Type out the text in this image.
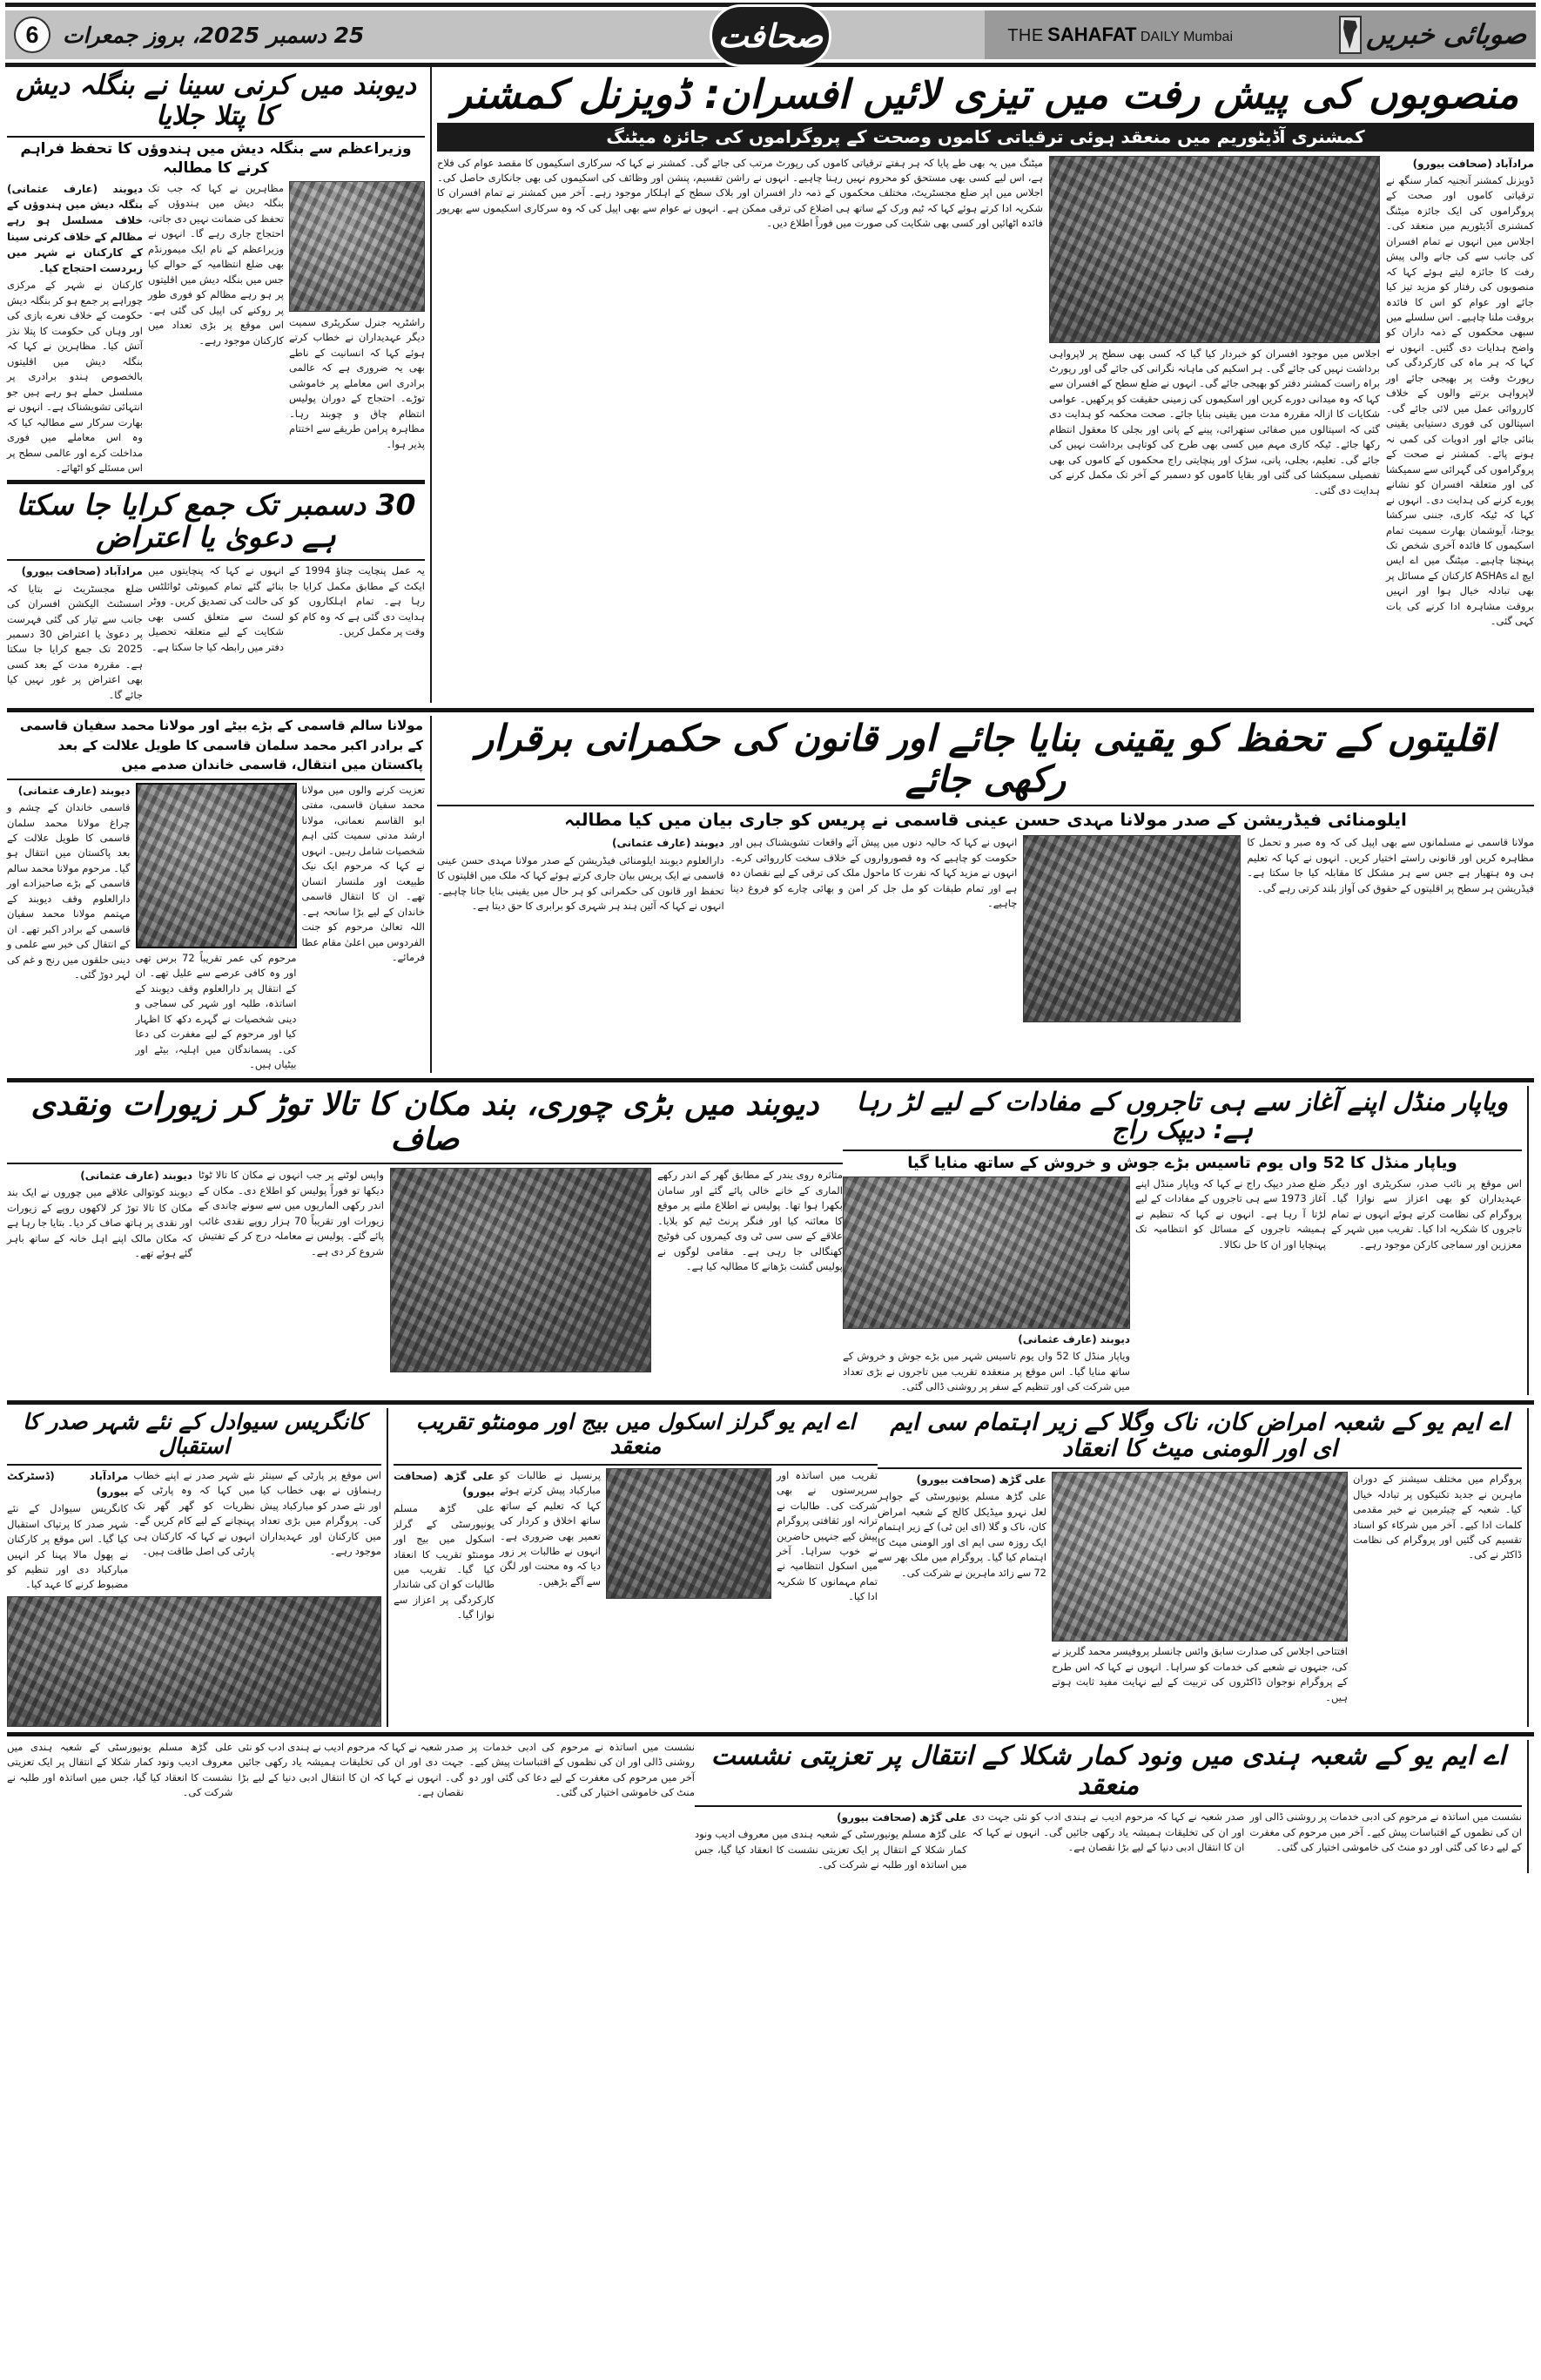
صوبائی خبریں
THE SAHAFAT DAILY Mumbai
صحافت
25 دسمبر 2025، بروز جمعرات
6
منصوبوں کی پیش رفت میں تیزی لائیں افسران: ڈویزنل کمشنر
کمشنری آڈیٹوریم میں منعقد ہوئی ترقیاتی کاموں وصحت کے پروگراموں کی جائزہ میٹنگ
مرادآباد (صحافت بیورو)
ڈویزنل کمشنر آنجنیہ کمار سنگھ نے ترقیاتی کاموں اور صحت کے پروگراموں کی ایک جائزہ میٹنگ کمشنری آڈیٹوریم میں منعقد کی۔ اجلاس میں انہوں نے تمام افسران کی جانب سے کی جانے والی پیش رفت کا جائزہ لیتے ہوئے کہا کہ منصوبوں کی رفتار کو مزید تیز کیا جائے اور عوام کو اس کا فائدہ بروقت ملنا چاہیے۔ اس سلسلے میں سبھی محکموں کے ذمہ داران کو واضح ہدایات دی گئیں۔ انہوں نے کہا کہ ہر ماہ کی کارکردگی کی رپورٹ وقت پر بھیجی جائے اور لاپرواہی برتنے والوں کے خلاف کارروائی عمل میں لائی جائے گی۔ اسپتالوں کی فوری دستیابی یقینی بنائی جائے اور ادویات کی کمی نہ ہونے پائے۔ کمشنر نے صحت کے پروگراموں کی گہرائی سے سمیکشا کی اور متعلقہ افسران کو نشانے پورے کرنے کی ہدایت دی۔ انہوں نے کہا کہ ٹیکہ کاری، جننی سرکشا یوجنا، آیوشمان بھارت سمیت تمام اسکیموں کا فائدہ آخری شخص تک پہنچنا چاہیے۔ میٹنگ میں اے ایس ایچ اے ASHAs کارکنان کے مسائل پر بھی تبادلہ خیال ہوا اور انہیں بروقت مشاہرہ ادا کرنے کی بات کہی گئی۔
اجلاس میں موجود افسران کو خبردار کیا گیا کہ کسی بھی سطح پر لاپرواہی برداشت نہیں کی جائے گی۔ ہر اسکیم کی ماہانہ نگرانی کی جائے گی اور رپورٹ براہ راست کمشنر دفتر کو بھیجی جائے گی۔ انہوں نے ضلع سطح کے افسران سے کہا کہ وہ میدانی دورے کریں اور اسکیموں کی زمینی حقیقت کو پرکھیں۔ عوامی شکایات کا ازالہ مقررہ مدت میں یقینی بنایا جائے۔ صحت محکمہ کو ہدایت دی گئی کہ اسپتالوں میں صفائی ستھرائی، پینے کے پانی اور بجلی کا معقول انتظام رکھا جائے۔ ٹیکہ کاری مہم میں کسی بھی طرح کی کوتاہی برداشت نہیں کی جائے گی۔ تعلیم، بجلی، پانی، سڑک اور پنچایتی راج محکموں کے کاموں کی بھی تفصیلی سمیکشا کی گئی اور بقایا کاموں کو دسمبر کے آخر تک مکمل کرنے کی ہدایت دی گئی۔
میٹنگ میں یہ بھی طے پایا کہ ہر ہفتے ترقیاتی کاموں کی رپورٹ مرتب کی جائے گی۔ کمشنر نے کہا کہ سرکاری اسکیموں کا مقصد عوام کی فلاح ہے، اس لیے کسی بھی مستحق کو محروم نہیں رہنا چاہیے۔ انہوں نے راشن تقسیم، پنشن اور وظائف کی اسکیموں کی بھی جانکاری حاصل کی۔ اجلاس میں اپر ضلع مجسٹریٹ، مختلف محکموں کے ذمہ دار افسران اور بلاک سطح کے اہلکار موجود رہے۔ آخر میں کمشنر نے تمام افسران کا شکریہ ادا کرتے ہوئے کہا کہ ٹیم ورک کے ساتھ ہی اضلاع کی ترقی ممکن ہے۔ انہوں نے عوام سے بھی اپیل کی کہ وہ سرکاری اسکیموں سے بھرپور فائدہ اٹھائیں اور کسی بھی شکایت کی صورت میں فوراً اطلاع دیں۔
دیوبند میں کرنی سینا نے بنگلہ دیش کا پتلا جلایا
وزیراعظم سے بنگلہ دیش میں ہندوؤں کا تحفظ فراہم کرنے کا مطالبہ
راشٹریہ جنرل سکریٹری سمیت دیگر عہدیداران نے خطاب کرتے ہوئے کہا کہ انسانیت کے ناطے بھی یہ ضروری ہے کہ عالمی برادری اس معاملے پر خاموشی توڑے۔ احتجاج کے دوران پولیس انتظام چاق و چوبند رہا۔ مظاہرہ پرامن طریقے سے اختتام پذیر ہوا۔
مظاہرین نے کہا کہ جب تک بنگلہ دیش میں ہندوؤں کے تحفظ کی ضمانت نہیں دی جاتی، احتجاج جاری رہے گا۔ انہوں نے وزیراعظم کے نام ایک میمورنڈم بھی ضلع انتظامیہ کے حوالے کیا جس میں بنگلہ دیش میں اقلیتوں پر ہو رہے مظالم کو فوری طور پر روکنے کی اپیل کی گئی ہے۔ اس موقع پر بڑی تعداد میں کارکنان موجود رہے۔
دیوبند (عارف عثمانی) بنگلہ دیش میں ہندوؤں کے خلاف مسلسل ہو رہے مظالم کے خلاف کرنی سینا کے کارکنان نے شہر میں زبردست احتجاج کیا۔
کارکنان نے شہر کے مرکزی چوراہے پر جمع ہو کر بنگلہ دیش حکومت کے خلاف نعرے بازی کی اور وہاں کی حکومت کا پتلا نذر آتش کیا۔ مظاہرین نے کہا کہ بنگلہ دیش میں اقلیتوں بالخصوص ہندو برادری پر مسلسل حملے ہو رہے ہیں جو انتہائی تشویشناک ہے۔ انہوں نے بھارت سرکار سے مطالبہ کیا کہ وہ اس معاملے میں فوری مداخلت کرے اور عالمی سطح پر اس مسئلے کو اٹھائے۔
30 دسمبر تک جمع کرایا جا سکتا ہے دعویٰ یا اعتراض
یہ عمل پنچایت چناؤ 1994 کے ایکٹ کے مطابق مکمل کرایا جا رہا ہے۔ تمام اہلکاروں کو ہدایت دی گئی ہے کہ وہ کام کو وقت پر مکمل کریں۔
انہوں نے کہا کہ پنچایتوں میں بنائے گئے تمام کمیونٹی ٹوائلٹس کی حالت کی تصدیق کریں۔ ووٹر لسٹ سے متعلق کسی بھی شکایت کے لیے متعلقہ تحصیل دفتر میں رابطہ کیا جا سکتا ہے۔
مرادآباد (صحافت بیورو)
ضلع مجسٹریٹ نے بتایا کہ اسسٹنٹ الیکشن افسران کی جانب سے تیار کی گئی فہرست پر دعویٰ یا اعتراض 30 دسمبر 2025 تک جمع کرایا جا سکتا ہے۔ مقررہ مدت کے بعد کسی بھی اعتراض پر غور نہیں کیا جائے گا۔
مولانا سالم قاسمی کے بڑے بیٹے اور مولانا محمد سفیان قاسمی کے برادر اکبر محمد سلمان قاسمی کا طویل علالت کے بعد پاکستان میں انتقال، قاسمی خاندان صدمے میں
تعزیت کرنے والوں میں مولانا محمد سفیان قاسمی، مفتی ابو القاسم نعمانی، مولانا ارشد مدنی سمیت کئی اہم شخصیات شامل رہیں۔ انہوں نے کہا کہ مرحوم ایک نیک طبیعت اور ملنسار انسان تھے۔ ان کا انتقال قاسمی خاندان کے لیے بڑا سانحہ ہے۔ اللہ تعالیٰ مرحوم کو جنت الفردوس میں اعلیٰ مقام عطا فرمائے۔
مرحوم کی عمر تقریباً 72 برس تھی اور وہ کافی عرصے سے علیل تھے۔ ان کے انتقال پر دارالعلوم وقف دیوبند کے اساتذہ، طلبہ اور شہر کی سماجی و دینی شخصیات نے گہرے دکھ کا اظہار کیا اور مرحوم کے لیے مغفرت کی دعا کی۔ پسماندگان میں اہلیہ، بیٹے اور بیٹیاں ہیں۔
دیوبند (عارف عثمانی)
قاسمی خاندان کے چشم و چراغ مولانا محمد سلمان قاسمی کا طویل علالت کے بعد پاکستان میں انتقال ہو گیا۔ مرحوم مولانا محمد سالم قاسمی کے بڑے صاحبزادے اور دارالعلوم وقف دیوبند کے مہتمم مولانا محمد سفیان قاسمی کے برادر اکبر تھے۔ ان کے انتقال کی خبر سے علمی و دینی حلقوں میں رنج و غم کی لہر دوڑ گئی۔
اقلیتوں کے تحفظ کو یقینی بنایا جائے اور قانون کی حکمرانی برقرار رکھی جائے
ایلومنائی فیڈریشن کے صدر مولانا مہدی حسن عینی قاسمی نے پریس کو جاری بیان میں کیا مطالبہ
مولانا قاسمی نے مسلمانوں سے بھی اپیل کی کہ وہ صبر و تحمل کا مظاہرہ کریں اور قانونی راستے اختیار کریں۔ انہوں نے کہا کہ تعلیم ہی وہ ہتھیار ہے جس سے ہر مشکل کا مقابلہ کیا جا سکتا ہے۔ فیڈریشن ہر سطح پر اقلیتوں کے حقوق کی آواز بلند کرتی رہے گی۔
انہوں نے کہا کہ حالیہ دنوں میں پیش آئے واقعات تشویشناک ہیں اور حکومت کو چاہیے کہ وہ قصورواروں کے خلاف سخت کارروائی کرے۔ انہوں نے مزید کہا کہ نفرت کا ماحول ملک کی ترقی کے لیے نقصان دہ ہے اور تمام طبقات کو مل جل کر امن و بھائی چارے کو فروغ دینا چاہیے۔
دیوبند (عارف عثمانی)
دارالعلوم دیوبند ایلومنائی فیڈریشن کے صدر مولانا مہدی حسن عینی قاسمی نے ایک پریس بیان جاری کرتے ہوئے کہا کہ ملک میں اقلیتوں کا تحفظ اور قانون کی حکمرانی کو ہر حال میں یقینی بنایا جانا چاہیے۔ انہوں نے کہا کہ آئین ہند ہر شہری کو برابری کا حق دیتا ہے۔
دیوبند میں بڑی چوری، بند مکان کا تالا توڑ کر زیورات ونقدی صاف
متاثرہ روی یندر کے مطابق گھر کے اندر رکھے الماری کے خانے خالی پائے گئے اور سامان بکھرا ہوا تھا۔ پولیس نے اطلاع ملنے پر موقع کا معائنہ کیا اور فنگر پرنٹ ٹیم کو بلایا۔ علاقے کے سی سی ٹی وی کیمروں کی فوٹیج کھنگالی جا رہی ہے۔ مقامی لوگوں نے پولیس گشت بڑھانے کا مطالبہ کیا ہے۔
واپس لوٹنے پر جب انہوں نے مکان کا تالا ٹوٹا دیکھا تو فوراً پولیس کو اطلاع دی۔ مکان کے اندر رکھی الماریوں میں سے سونے چاندی کے زیورات اور تقریباً 70 ہزار روپے نقدی غائب پائے گئے۔ پولیس نے معاملہ درج کر کے تفتیش شروع کر دی ہے۔
دیوبند (عارف عثمانی)
دیوبند کوتوالی علاقے میں چوروں نے ایک بند مکان کا تالا توڑ کر لاکھوں روپے کے زیورات اور نقدی پر ہاتھ صاف کر دیا۔ بتایا جا رہا ہے کہ مکان مالک اپنے اہل خانہ کے ساتھ باہر گئے ہوئے تھے۔
ویاپار منڈل اپنے آغاز سے ہی تاجروں کے مفادات کے لیے لڑ رہا ہے: دیپک راج
ویاپار منڈل کا 52 واں یوم تاسیس بڑے جوش و خروش کے ساتھ منایا گیا
اس موقع پر نائب صدر، سکریٹری اور دیگر عہدیداران کو بھی اعزاز سے نوازا گیا۔ پروگرام کی نظامت کرتے ہوئے انہوں نے تمام تاجروں کا شکریہ ادا کیا۔ تقریب میں شہر کے معززین اور سماجی کارکن موجود رہے۔
ضلع صدر دیپک راج نے کہا کہ ویاپار منڈل اپنے آغاز 1973 سے ہی تاجروں کے مفادات کے لیے لڑتا آ رہا ہے۔ انہوں نے کہا کہ تنظیم نے ہمیشہ تاجروں کے مسائل کو انتظامیہ تک پہنچایا اور ان کا حل نکالا۔
دیوبند (عارف عثمانی)
ویاپار منڈل کا 52 واں یوم تاسیس شہر میں بڑے جوش و خروش کے ساتھ منایا گیا۔ اس موقع پر منعقدہ تقریب میں تاجروں نے بڑی تعداد میں شرکت کی اور تنظیم کے سفر پر روشنی ڈالی گئی۔
اے ایم یو گرلز اسکول میں بیج اور مومنٹو تقریب منعقد
تقریب میں اساتذہ اور سرپرستوں نے بھی شرکت کی۔ طالبات نے ترانہ اور ثقافتی پروگرام پیش کیے جنہیں حاضرین نے خوب سراہا۔ آخر میں اسکول انتظامیہ نے تمام مہمانوں کا شکریہ ادا کیا۔
پرنسپل نے طالبات کو مبارکباد پیش کرتے ہوئے کہا کہ تعلیم کے ساتھ ساتھ اخلاق و کردار کی تعمیر بھی ضروری ہے۔ انہوں نے طالبات پر زور دیا کہ وہ محنت اور لگن سے آگے بڑھیں۔
علی گڑھ (صحافت بیورو)
علی گڑھ مسلم یونیورسٹی کے گرلز اسکول میں بیج اور مومنٹو تقریب کا انعقاد کیا گیا۔ تقریب میں طالبات کو ان کی شاندار کارکردگی پر اعزاز سے نوازا گیا۔
کانگریس سیوادل کے نئے شہر صدر کا استقبال
اس موقع پر پارٹی کے سینئر رہنماؤں نے بھی خطاب کیا اور نئے صدر کو مبارکباد پیش کی۔ پروگرام میں بڑی تعداد میں کارکنان اور عہدیداران موجود رہے۔
نئے شہر صدر نے اپنے خطاب میں کہا کہ وہ پارٹی کے نظریات کو گھر گھر تک پہنچانے کے لیے کام کریں گے۔ انہوں نے کہا کہ کارکنان ہی پارٹی کی اصل طاقت ہیں۔
مرادآباد (ڈسٹرکٹ بیورو)
کانگریس سیوادل کے نئے شہر صدر کا پرتپاک استقبال کیا گیا۔ اس موقع پر کارکنان نے پھول مالا پہنا کر انہیں مبارکباد دی اور تنظیم کو مضبوط کرنے کا عہد کیا۔
اے ایم یو کے شعبہ امراض کان، ناک وگلا کے زیر اہتمام سی ایم ای اور الومنی میٹ کا انعقاد
پروگرام میں مختلف سیشنز کے دوران ماہرین نے جدید تکنیکوں پر تبادلہ خیال کیا۔ شعبہ کے چیئرمین نے خیر مقدمی کلمات ادا کیے۔ آخر میں شرکاء کو اسناد تقسیم کی گئیں اور پروگرام کی نظامت ڈاکٹر نے کی۔
افتتاحی اجلاس کی صدارت سابق وائس چانسلر پروفیسر محمد گلریز نے کی، جنہوں نے شعبے کی خدمات کو سراہا۔ انہوں نے کہا کہ اس طرح کے پروگرام نوجوان ڈاکٹروں کی تربیت کے لیے نہایت مفید ثابت ہوتے ہیں۔
علی گڑھ (صحافت بیورو)
علی گڑھ مسلم یونیورسٹی کے جواہر لعل نہرو میڈیکل کالج کے شعبہ امراض کان، ناک و گلا (ای این ٹی) کے زیر اہتمام ایک روزہ سی ایم ای اور الومنی میٹ کا اہتمام کیا گیا۔ پروگرام میں ملک بھر سے 72 سے زائد ماہرین نے شرکت کی۔
نشست میں اساتذہ نے مرحوم کی ادبی خدمات پر روشنی ڈالی اور ان کی نظموں کے اقتباسات پیش کیے۔ آخر میں مرحوم کی مغفرت کے لیے دعا کی گئی اور دو منٹ کی خاموشی اختیار کی گئی۔
صدر شعبہ نے کہا کہ مرحوم ادیب نے ہندی ادب کو نئی جہت دی اور ان کی تخلیقات ہمیشہ یاد رکھی جائیں گی۔ انہوں نے کہا کہ ان کا انتقال ادبی دنیا کے لیے بڑا نقصان ہے۔
علی گڑھ مسلم یونیورسٹی کے شعبہ ہندی میں معروف ادیب ونود کمار شکلا کے انتقال پر ایک تعزیتی نشست کا انعقاد کیا گیا، جس میں اساتذہ اور طلبہ نے شرکت کی۔
اے ایم یو کے شعبہ ہندی میں ونود کمار شکلا کے انتقال پر تعزیتی نشست منعقد
نشست میں اساتذہ نے مرحوم کی ادبی خدمات پر روشنی ڈالی اور ان کی نظموں کے اقتباسات پیش کیے۔ آخر میں مرحوم کی مغفرت کے لیے دعا کی گئی اور دو منٹ کی خاموشی اختیار کی گئی۔
صدر شعبہ نے کہا کہ مرحوم ادیب نے ہندی ادب کو نئی جہت دی اور ان کی تخلیقات ہمیشہ یاد رکھی جائیں گی۔ انہوں نے کہا کہ ان کا انتقال ادبی دنیا کے لیے بڑا نقصان ہے۔
علی گڑھ (صحافت بیورو)
علی گڑھ مسلم یونیورسٹی کے شعبہ ہندی میں معروف ادیب ونود کمار شکلا کے انتقال پر ایک تعزیتی نشست کا انعقاد کیا گیا، جس میں اساتذہ اور طلبہ نے شرکت کی۔
